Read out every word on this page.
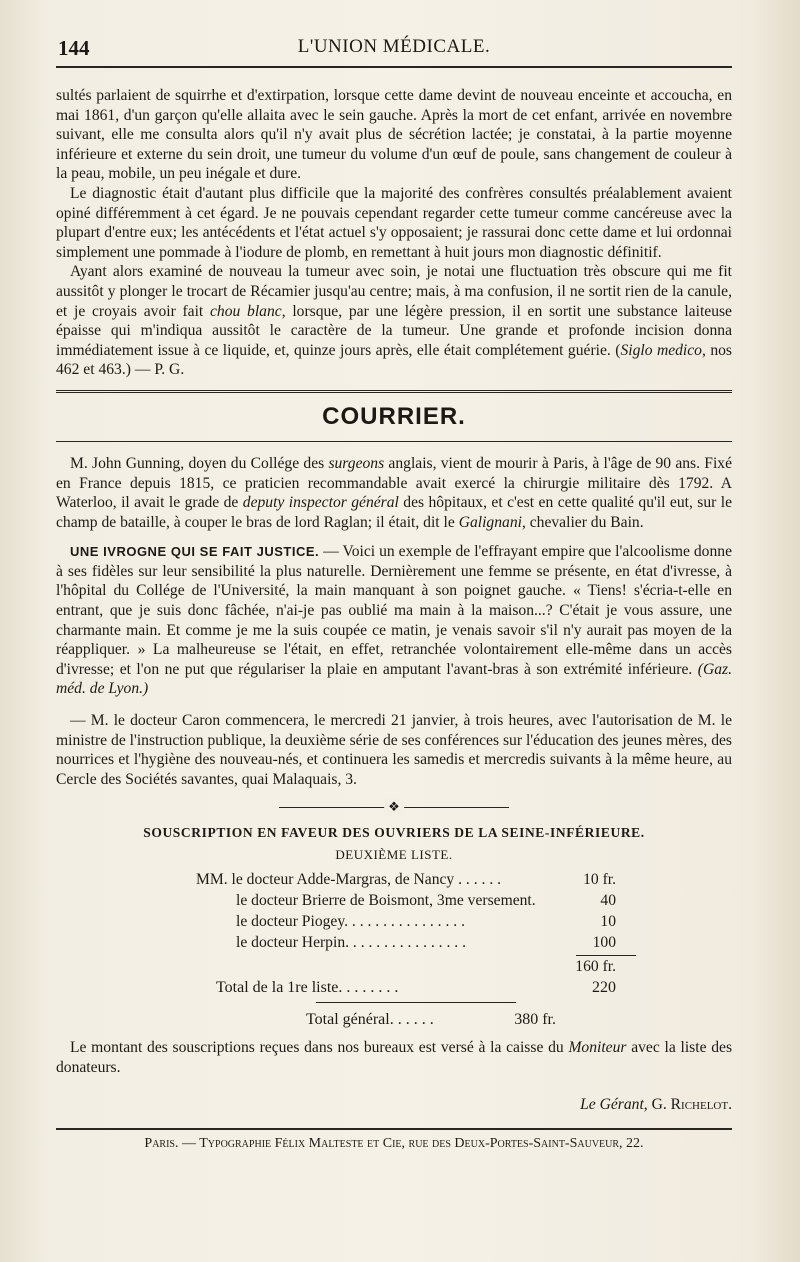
144	L'UNION MÉDICALE.

sultés parlaient de squirrhe et d'extirpation, lorsque cette dame devint de nouveau enceinte et accoucha, en mai 1861, d'un garçon qu'elle allaita avec le sein gauche. Après la mort de cet enfant, arrivée en novembre suivant, elle me consulta alors qu'il n'y avait plus de sécrétion lactée; je constatai, à la partie moyenne inférieure et externe du sein droit, une tumeur du volume d'un œuf de poule, sans changement de couleur à la peau, mobile, un peu inégale et dure.

Le diagnostic était d'autant plus difficile que la majorité des confrères consultés préalablement avaient opiné différemment à cet égard. Je ne pouvais cependant regarder cette tumeur comme cancéreuse avec la plupart d'entre eux; les antécédents et l'état actuel s'y opposaient; je rassurai donc cette dame et lui ordonnai simplement une pommade à l'iodure de plomb, en remettant à huit jours mon diagnostic définitif.

Ayant alors examiné de nouveau la tumeur avec soin, je notai une fluctuation très obscure qui me fit aussitôt y plonger le trocart de Récamier jusqu'au centre; mais, à ma confusion, il ne sortit rien de la canule, et je croyais avoir fait chou blanc, lorsque, par une légère pression, il en sortit une substance laiteuse épaisse qui m'indiqua aussitôt le caractère de la tumeur. Une grande et profonde incision donna immédiatement issue à ce liquide, et, quinze jours après, elle était complétement guérie. (Siglo medico, nos 462 et 463.) — P. G.

COURRIER.

M. John Gunning, doyen du Collége des surgeons anglais, vient de mourir à Paris, à l'âge de 90 ans. Fixé en France depuis 1815, ce praticien recommandable avait exercé la chirurgie militaire dès 1792. A Waterloo, il avait le grade de deputy inspector général des hôpitaux, et c'est en cette qualité qu'il eut, sur le champ de bataille, à couper le bras de lord Raglan; il était, dit le Galignani, chevalier du Bain.

UNE IVROGNE QUI SE FAIT JUSTICE. — Voici un exemple de l'effrayant empire que l'alcoolisme donne à ses fidèles sur leur sensibilité la plus naturelle. Dernièrement une femme se présente, en état d'ivresse, à l'hôpital du Collége de l'Université, la main manquant à son poignet gauche. « Tiens! s'écria-t-elle en entrant, que je suis donc fâchée, n'ai-je pas oublié ma main à la maison...? C'était je vous assure, une charmante main. Et comme je me la suis coupée ce matin, je venais savoir s'il n'y aurait pas moyen de la réappliquer. » La malheureuse se l'était, en effet, retranchée volontairement elle-même dans un accès d'ivresse; et l'on ne put que régulariser la plaie en amputant l'avant-bras à son extrémité inférieure. (Gaz. méd. de Lyon.)

— M. le docteur Caron commencera, le mercredi 21 janvier, à trois heures, avec l'autorisation de M. le ministre de l'instruction publique, la deuxième série de ses conférences sur l'éducation des jeunes mères, des nourrices et l'hygiène des nouveau-nés, et continuera les samedis et mercredis suivants à la même heure, au Cercle des Sociétés savantes, quai Malaquais, 3.

❖
SOUSCRIPTION EN FAVEUR DES OUVRIERS DE LA SEINE-INFÉRIEURE.
DEUXIÈME LISTE.
MM. le docteur Adde-Margras, de Nancy . . . . . .	10 fr.
le docteur Brierre de Boismont, 3me versement.	40
le docteur Piogey. . . . . . . . . . . . . . . .	10
le docteur Herpin. . . . . . . . . . . . . . . .	100
160 fr.
Total de la 1re liste. . . . . . . .	220
Total général. . . . . .	380 fr.

Le montant des souscriptions reçues dans nos bureaux est versé à la caisse du Moniteur avec la liste des donateurs.

Le Gérant, G. Richelot.
Paris. — Typographie Félix Malteste et Cie, rue des Deux-Portes-Saint-Sauveur, 22.
